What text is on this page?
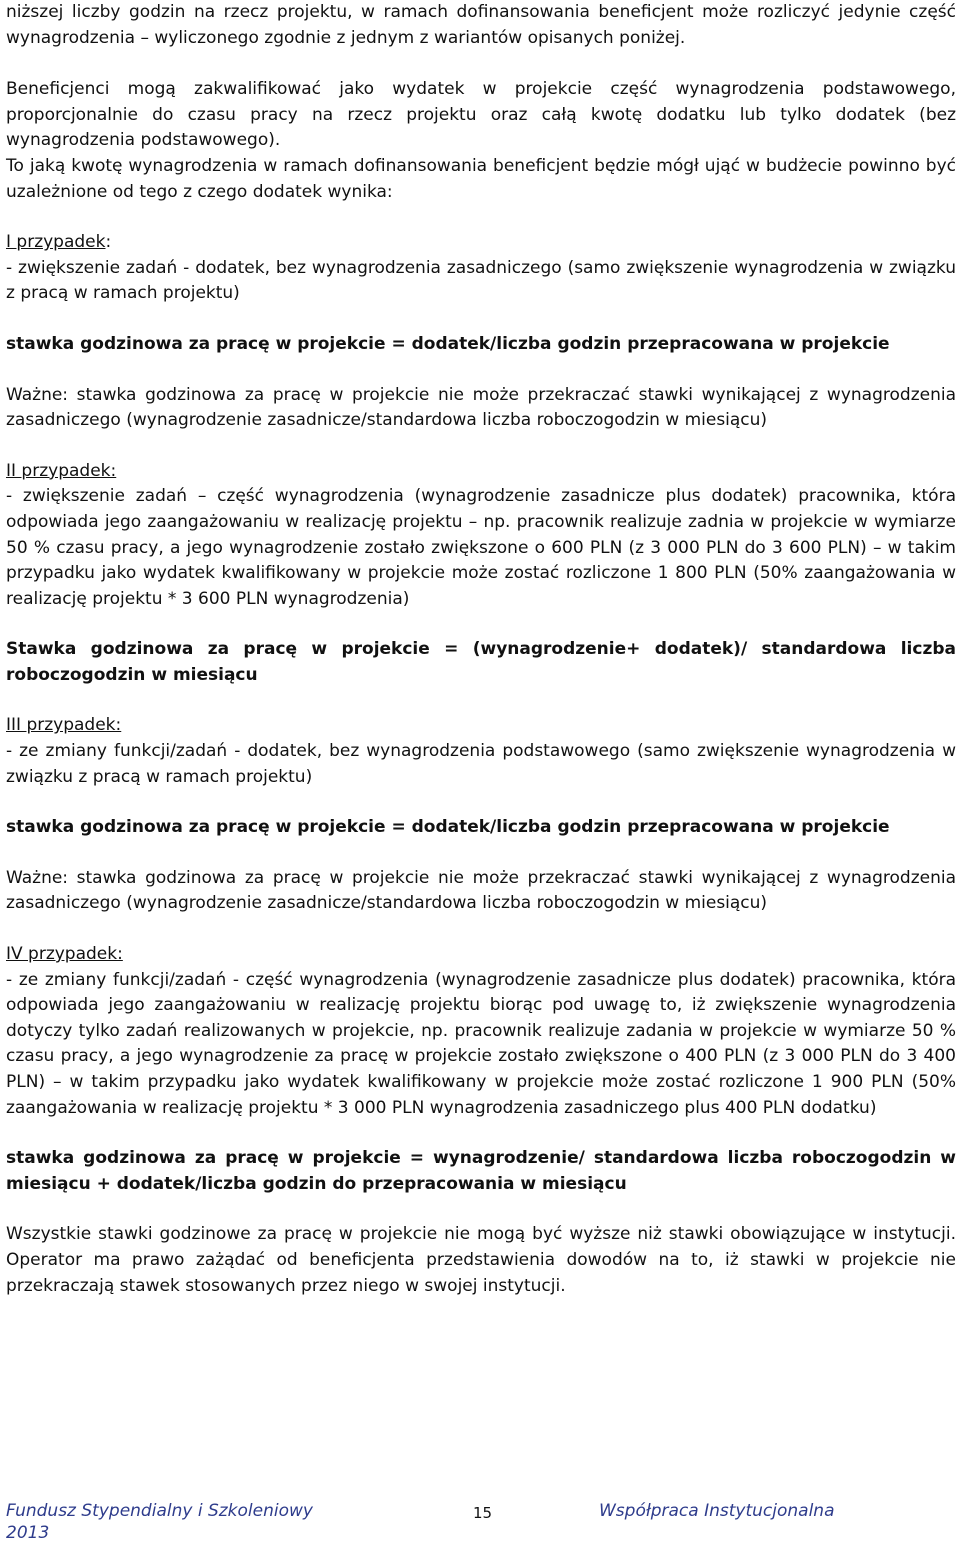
niższej liczby godzin na rzecz projektu, w ramach dofinansowania beneficjent może rozliczyć jedynie część wynagrodzenia – wyliczonego zgodnie z jednym z wariantów opisanych poniżej.

Beneficjenci mogą zakwalifikować jako wydatek w projekcie część wynagrodzenia podstawowego, proporcjonalnie do czasu pracy na rzecz projektu oraz całą kwotę dodatku lub tylko dodatek (bez wynagrodzenia podstawowego).

To jaką kwotę wynagrodzenia w ramach dofinansowania beneficjent będzie mógł ująć w budżecie powinno być uzależnione od tego z czego dodatek wynika:

I przypadek:

- zwiększenie zadań - dodatek, bez wynagrodzenia zasadniczego (samo zwiększenie wynagrodzenia w związku z pracą w ramach projektu)

stawka godzinowa za pracę w projekcie = dodatek/liczba godzin przepracowana w projekcie

Ważne: stawka godzinowa za pracę w projekcie nie może przekraczać stawki wynikającej z wynagrodzenia zasadniczego (wynagrodzenie zasadnicze/standardowa liczba roboczogodzin w miesiącu)

II przypadek:

- zwiększenie zadań – część wynagrodzenia (wynagrodzenie zasadnicze plus dodatek) pracownika, która odpowiada jego zaangażowaniu w realizację projektu – np. pracownik realizuje zadnia w projekcie w wymiarze 50 % czasu pracy, a jego wynagrodzenie zostało zwiększone o 600 PLN (z 3 000 PLN do 3 600 PLN) – w takim przypadku jako wydatek kwalifikowany w projekcie może zostać rozliczone 1 800 PLN (50% zaangażowania w realizację projektu * 3 600 PLN wynagrodzenia)

Stawka godzinowa za pracę w projekcie = (wynagrodzenie+ dodatek)/ standardowa liczba roboczogodzin w miesiącu

III przypadek:

- ze zmiany funkcji/zadań - dodatek, bez wynagrodzenia podstawowego (samo zwiększenie wynagrodzenia w związku z pracą w ramach projektu)

stawka godzinowa za pracę w projekcie = dodatek/liczba godzin przepracowana w projekcie

Ważne: stawka godzinowa za pracę w projekcie nie może przekraczać stawki wynikającej z wynagrodzenia zasadniczego (wynagrodzenie zasadnicze/standardowa liczba roboczogodzin w miesiącu)

IV przypadek:

- ze zmiany funkcji/zadań - część wynagrodzenia (wynagrodzenie zasadnicze plus dodatek) pracownika, która odpowiada jego zaangażowaniu w realizację projektu biorąc pod uwagę to, iż zwiększenie wynagrodzenia dotyczy tylko zadań realizowanych w projekcie, np. pracownik realizuje zadania w projekcie w wymiarze 50 % czasu pracy, a jego wynagrodzenie za pracę w projekcie zostało zwiększone o 400 PLN (z 3 000 PLN do 3 400 PLN) – w takim przypadku jako wydatek kwalifikowany w projekcie może zostać rozliczone 1 900 PLN (50% zaangażowania w realizację projektu * 3 000 PLN wynagrodzenia zasadniczego plus 400 PLN dodatku)

stawka godzinowa za pracę w projekcie = wynagrodzenie/ standardowa liczba roboczogodzin w miesiącu + dodatek/liczba godzin do przepracowania w miesiącu

Wszystkie stawki godzinowe za pracę w projekcie nie mogą być wyższe niż stawki obowiązujące w instytucji. Operator ma prawo zażądać od beneficjenta przedstawienia dowodów na to, iż stawki w projekcie nie przekraczają stawek stosowanych przez niego w swojej instytucji.

Fundusz Stypendialny i Szkoleniowy 2013
15	Współpraca Instytucjonalna
